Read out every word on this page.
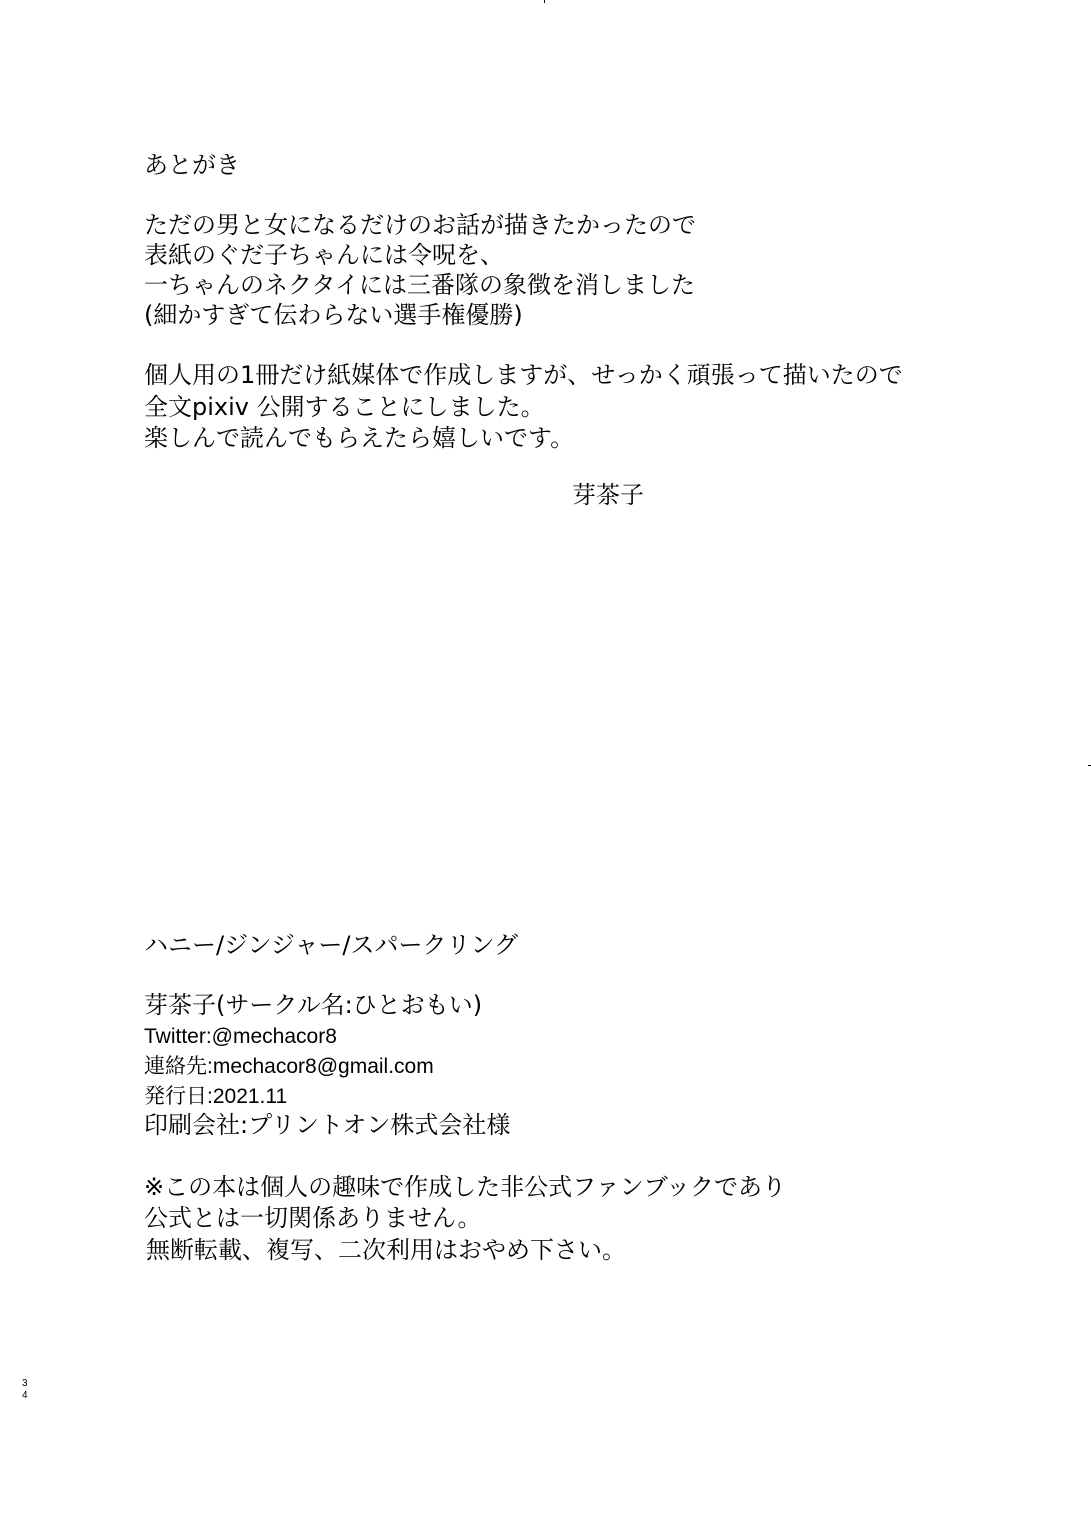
あとがき
ただの男と女になるだけのお話が描きたかったので
表紙のぐだ子ちゃんには令呪を、
一ちゃんのネクタイには三番隊の象徴を消しました
(細かすぎて伝わらない選手権優勝)
個人用の1冊だけ紙媒体で作成しますが、せっかく頑張って描いたので
全文pixiv 公開することにしました。
楽しんで読んでもらえたら嬉しいです。
芽茶子
ハニー/ジンジャー/スパークリング
芽茶子(サークル名:ひとおもい)
Twitter:@mechacor8
連絡先:mechacor8@gmail.com
発行日:2021.11
印刷会社:プリントオン株式会社様
※この本は個人の趣味で作成した非公式ファンブックであり
公式とは一切関係ありません。
無断転載、複写、二次利用はおやめ下さい。
3
4
